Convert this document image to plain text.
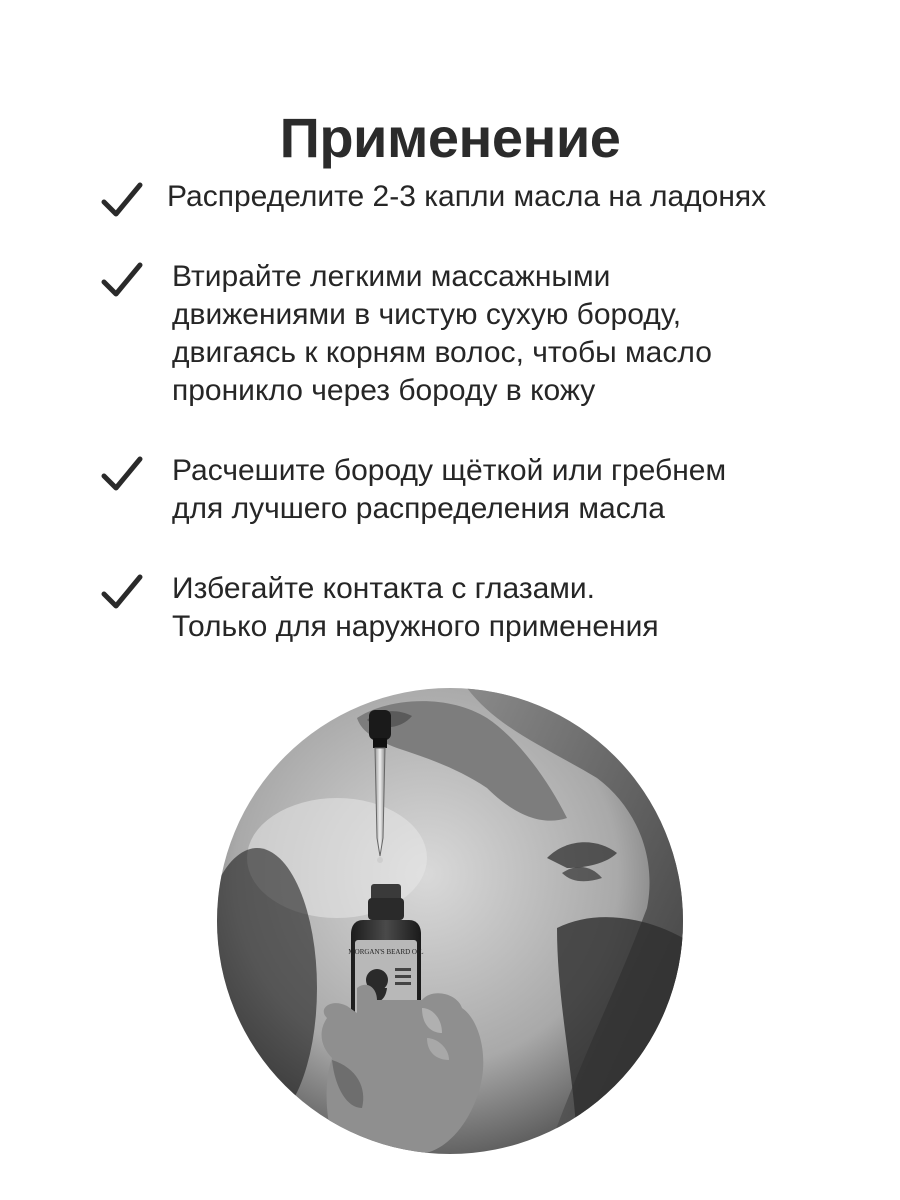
Применение
Распределите 2-3 капли масла на ладонях
Втирайте легкими массажными
движениями в чистую сухую бороду,
двигаясь к корням волос, чтобы масло
проникло через бороду в кожу
Расчешите бороду щёткой или гребнем
для лучшего распределения масла
Избегайте контакта с глазами.
Только для наружного применения
MORGAN'S BEARD OIL
